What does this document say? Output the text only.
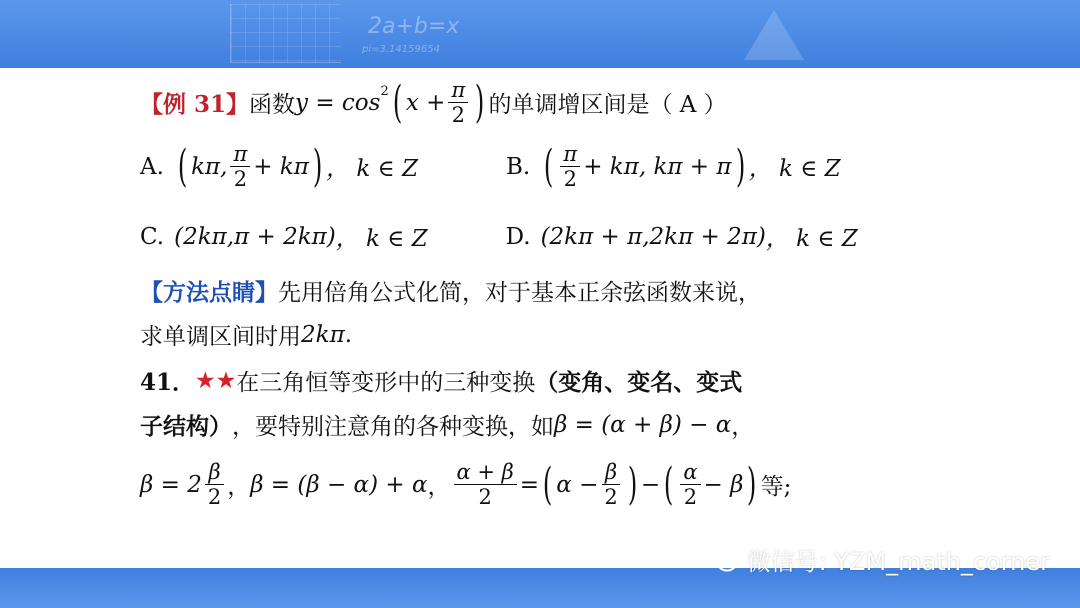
2a+b=x
pi=3.14159654
【例 31】 函数 $y = \cos^2$ ( $x + \frac{\pi}{2}$ ) 的单调增区间是（ A ）
A. ( kπ, $\frac{\pi}{2} + k\pi$ ) ， k ∈ Z	B. ( $\frac{\pi}{2} + k\pi$, kπ + π ) ， k ∈ Z
C. (2kπ,π + 2kπ) ， k ∈ Z	D. (2kπ + π,2kπ + 2π) ， k ∈ Z
【方法点睛】 先用倍角公式化简，对于基本正余弦函数来说，
求单调区间时用 2kπ .
41． ★★ 在三角恒等变形中的三种变换 （变角、变名、变式
子结构） ，要特别注意角的各种变换，如 β = (α + β) − α ，
$\beta = 2 \frac{\beta}{2}$ ， β = (β − α) + α ， $\frac{\alpha + \beta}{2}$ = ( $\alpha - \frac{\beta}{2}$ ) − ( $\frac{\alpha}{2} - \beta$ ) 等;
微信号: YZM_math_corner
